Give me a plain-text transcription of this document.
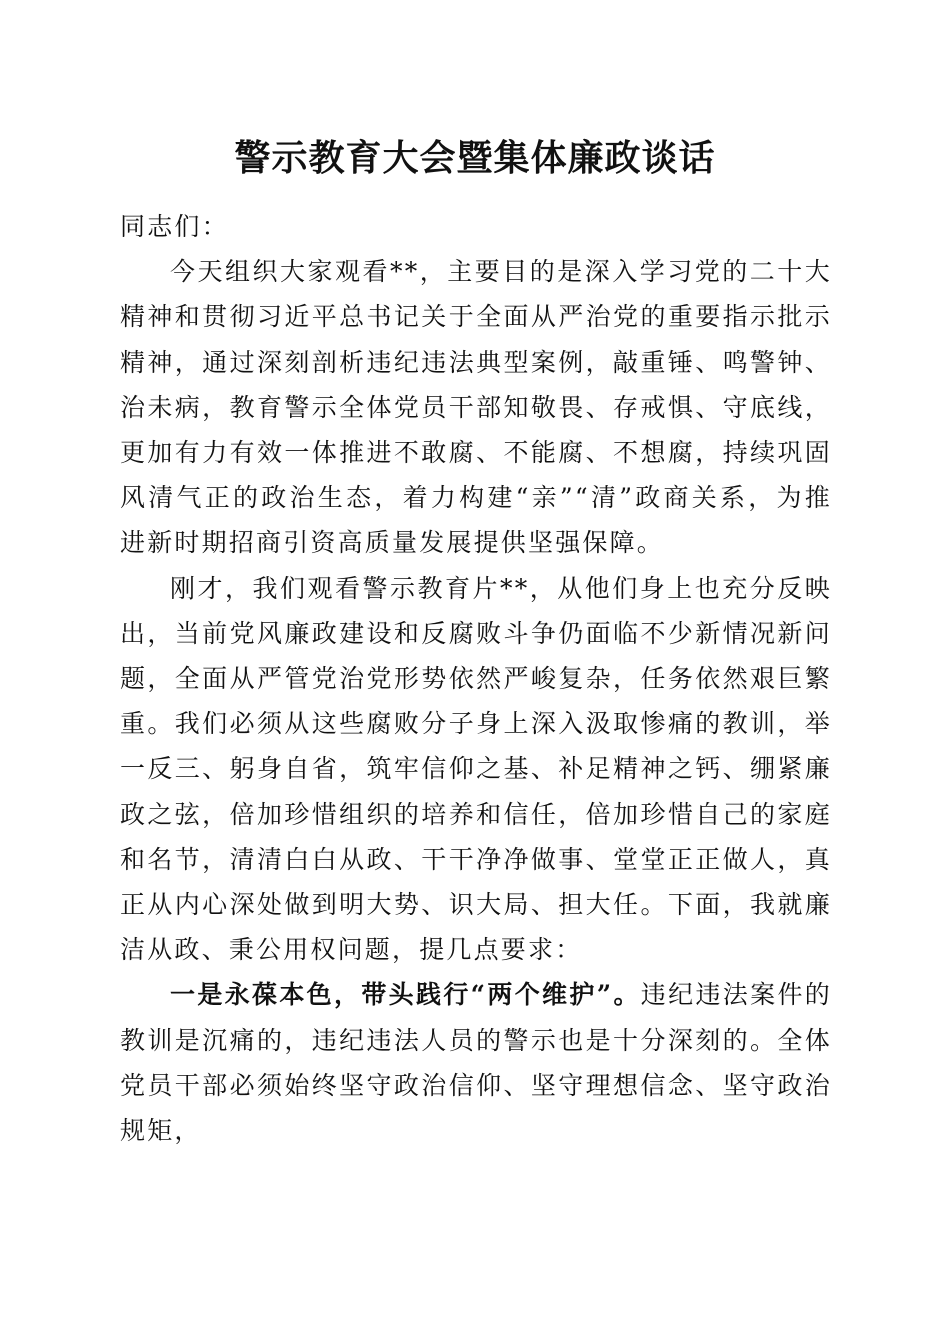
警示教育大会暨集体廉政谈话

同志们：

今天组织大家观看**，主要目的是深入学习党的二十大精神和贯彻习近平总书记关于全面从严治党的重要指示批示精神，通过深刻剖析违纪违法典型案例，敲重锤、鸣警钟、治未病，教育警示全体党员干部知敬畏、存戒惧、守底线，更加有力有效一体推进不敢腐、不能腐、不想腐，持续巩固风清气正的政治生态，着力构建“亲”“清”政商关系，为推进新时期招商引资高质量发展提供坚强保障。

刚才，我们观看警示教育片**，从他们身上也充分反映出，当前党风廉政建设和反腐败斗争仍面临不少新情况新问题，全面从严管党治党形势依然严峻复杂，任务依然艰巨繁重。我们必须从这些腐败分子身上深入汲取惨痛的教训，举一反三、躬身自省，筑牢信仰之基、补足精神之钙、绷紧廉政之弦，倍加珍惜组织的培养和信任，倍加珍惜自己的家庭和名节，清清白白从政、干干净净做事、堂堂正正做人，真正从内心深处做到明大势、识大局、担大任。下面，我就廉洁从政、秉公用权问题，提几点要求：

一是永葆本色，带头践行“两个维护”。违纪违法案件的教训是沉痛的，违纪违法人员的警示也是十分深刻的。全体党员干部必须始终坚守政治信仰、坚守理想信念、坚守政治规矩，
